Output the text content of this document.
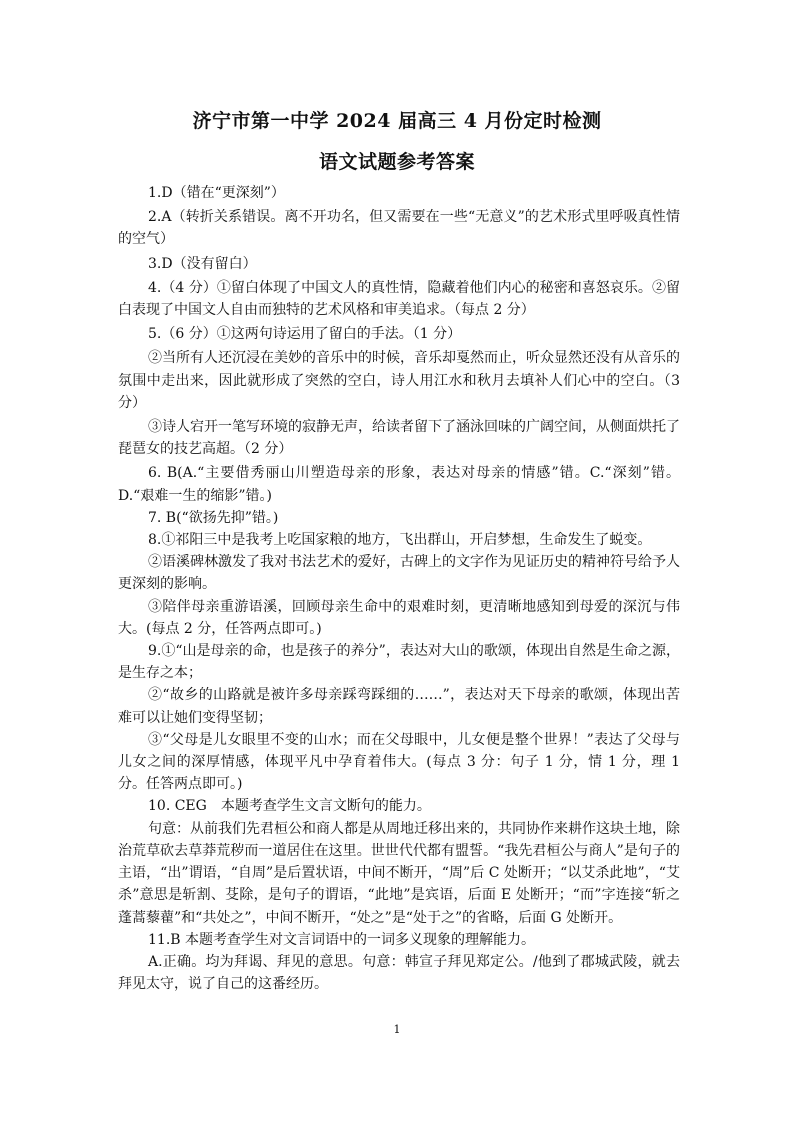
济宁市第一中学 2024 届高三 4 月份定时检测
语文试题参考答案

1.D（错在“更深刻”）

2.A（转折关系错误。离不开功名，但又需要在一些“无意义”的艺术形式里呼吸真性情的空气）

3.D（没有留白）

4.（4 分）①留白体现了中国文人的真性情，隐藏着他们内心的秘密和喜怒哀乐。②留白表现了中国文人自由而独特的艺术风格和审美追求。（每点 2 分）

5.（6 分）①这两句诗运用了留白的手法。（1 分）

②当所有人还沉浸在美妙的音乐中的时候，音乐却戛然而止，听众显然还没有从音乐的氛围中走出来，因此就形成了突然的空白，诗人用江水和秋月去填补人们心中的空白。（3 分）

③诗人宕开一笔写环境的寂静无声，给读者留下了涵泳回味的广阔空间，从侧面烘托了琵琶女的技艺高超。（2 分）

6. B(A.“主要借秀丽山川塑造母亲的形象，表达对母亲的情感”错。C.“深刻”错。D.“艰难一生的缩影”错。)

7. B(“欲扬先抑”错。)

8.①祁阳三中是我考上吃国家粮的地方，飞出群山，开启梦想，生命发生了蜕变。

②语溪碑林激发了我对书法艺术的爱好，古碑上的文字作为见证历史的精神符号给予人更深刻的影响。

③陪伴母亲重游语溪，回顾母亲生命中的艰难时刻，更清晰地感知到母爱的深沉与伟大。(每点 2 分，任答两点即可。)

9.①“山是母亲的命，也是孩子的养分”，表达对大山的歌颂，体现出自然是生命之源，是生存之本；

②“故乡的山路就是被许多母亲踩弯踩细的……”，表达对天下母亲的歌颂，体现出苦难可以让她们变得坚韧；

③“父母是儿女眼里不变的山水；而在父母眼中，儿女便是整个世界！”表达了父母与儿女之间的深厚情感，体现平凡中孕育着伟大。(每点 3 分：句子 1 分，情 1 分，理 1 分。任答两点即可。)

10. CEG　本题考查学生文言文断句的能力。

句意：从前我们先君桓公和商人都是从周地迁移出来的，共同协作来耕作这块土地，除治荒草砍去草莽荒秽而一道居住在这里。世世代代都有盟誓。“我先君桓公与商人”是句子的主语，“出”谓语，“自周”是后置状语，中间不断开，“周”后 C 处断开；“以艾杀此地”，“艾杀”意思是斩割、芟除，是句子的谓语，“此地”是宾语，后面 E 处断开；“而”字连接“斩之蓬蒿藜藋”和“共处之”，中间不断开，“处之”是“处于之”的省略，后面 G 处断开。

11.B 本题考查学生对文言词语中的一词多义现象的理解能力。

A.正确。均为拜谒、拜见的意思。句意：韩宣子拜见郑定公。/他到了郡城武陵，就去拜见太守，说了自己的这番经历。

1
